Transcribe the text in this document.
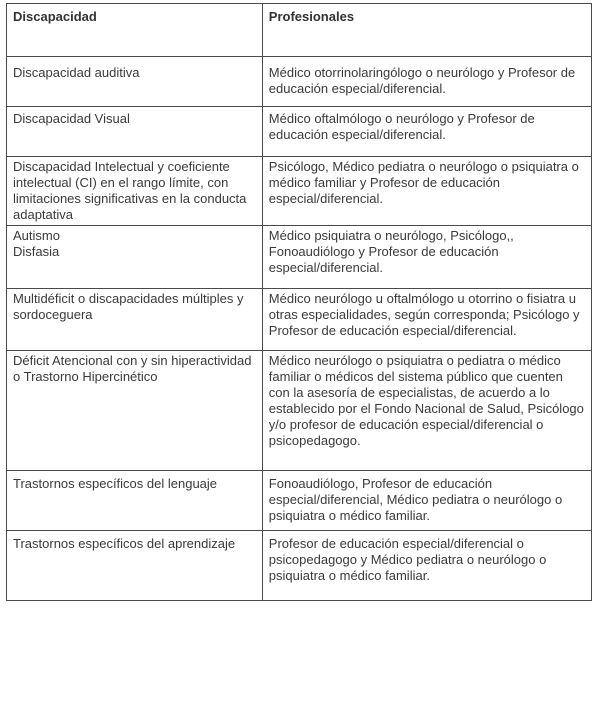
Discapacidad	Profesionales

Discapacidad auditiva	Médico otorrinolaringólogo o neurólogo y Profesor de educación especial/diferencial.

Discapacidad Visual	Médico oftalmólogo o neurólogo y Profesor de educación especial/diferencial.

Discapacidad Intelectual y coeficiente intelectual (CI) en el rango límite, con limitaciones significativas en la conducta adaptativa	Psicólogo, Médico pediatra o neurólogo o psiquiatra o médico familiar y Profesor de educación especial/diferencial.

Autismo
Disfasia	Médico psiquiatra o neurólogo, Psicólogo,, Fonoaudiólogo y Profesor de educación especial/diferencial.

Multidéficit o discapacidades múltiples y sordoceguera	Médico neurólogo u oftalmólogo u otorrino o fisiatra u otras especialidades, según corresponda; Psicólogo y Profesor de educación especial/diferencial.

Déficit Atencional con y sin hiperactividad o Trastorno Hipercinético	Médico neurólogo o psiquiatra o pediatra o médico familiar o médicos del sistema público que cuenten con la asesoría de especialistas, de acuerdo a lo establecido por el Fondo Nacional de Salud, Psicólogo y/o profesor de educación especial/diferencial o psicopedagogo.

Trastornos específicos del lenguaje	Fonoaudiólogo, Profesor de educación especial/diferencial, Médico pediatra o neurólogo o psiquiatra o médico familiar.

Trastornos específicos del aprendizaje	Profesor de educación especial/diferencial o psicopedagogo y Médico pediatra o neurólogo o psiquiatra o médico familiar.
